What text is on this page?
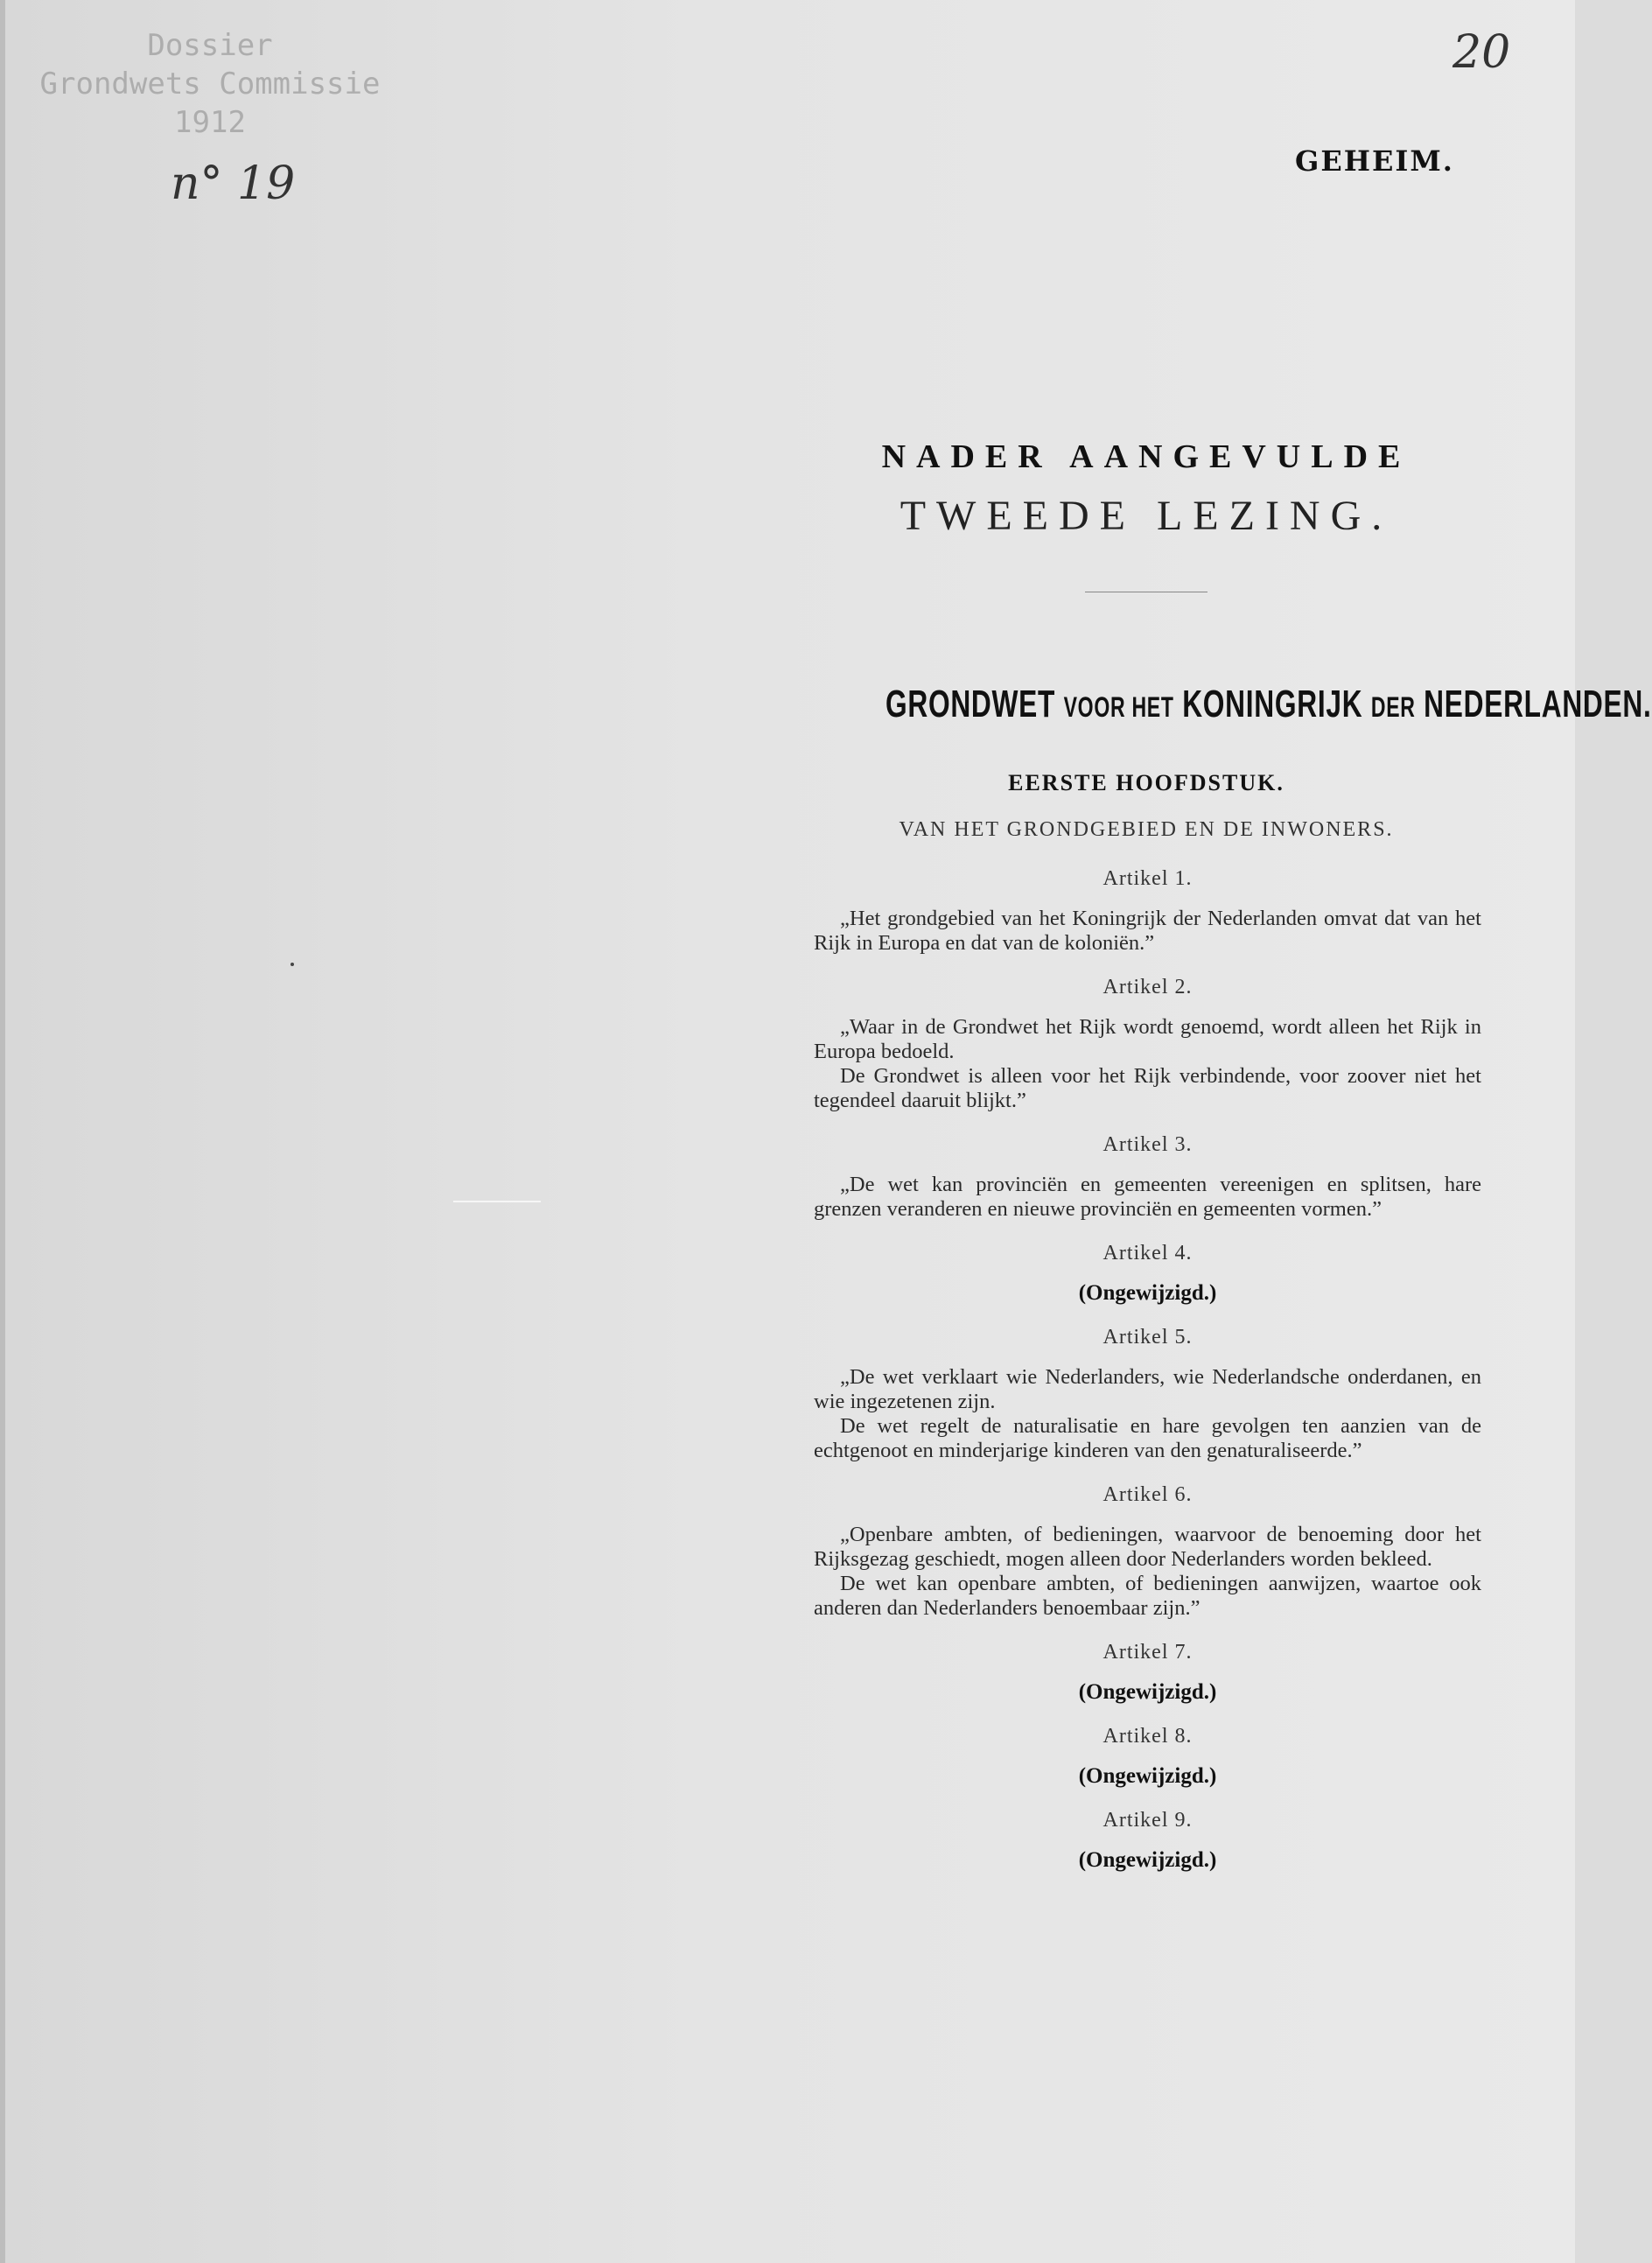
Dossier
Grondwets Commissie
1912
n° 19
20
GEHEIM.
NADER AANGEVULDE
TWEEDE LEZING.
GRONDWET VOOR HET KONINGRIJK DER NEDERLANDEN.
EERSTE HOOFDSTUK.
VAN HET GRONDGEBIED EN DE INWONERS.
Artikel 1.

„Het grondgebied van het Koningrijk der Nederlanden omvat dat van het Rijk in Europa en dat van de koloniën.”

Artikel 2.

„Waar in de Grondwet het Rijk wordt genoemd, wordt alleen het Rijk in Europa bedoeld.

De Grondwet is alleen voor het Rijk verbindende, voor zoover niet het tegendeel daaruit blijkt.”

Artikel 3.

„De wet kan provinciën en gemeenten vereenigen en splitsen, hare grenzen veranderen en nieuwe provinciën en gemeenten vormen.”

Artikel 4.
(Ongewijzigd.)
Artikel 5.

„De wet verklaart wie Nederlanders, wie Nederlandsche onderdanen, en wie ingezetenen zijn.

De wet regelt de naturalisatie en hare gevolgen ten aanzien van de echtgenoot en minderjarige kinderen van den genaturaliseerde.”

Artikel 6.

„Openbare ambten, of bedieningen, waarvoor de benoeming door het Rijksgezag geschiedt, mogen alleen door Nederlanders worden bekleed.

De wet kan openbare ambten, of bedieningen aanwijzen, waartoe ook anderen dan Nederlanders benoembaar zijn.”

Artikel 7.
(Ongewijzigd.)
Artikel 8.
(Ongewijzigd.)
Artikel 9.
(Ongewijzigd.)
